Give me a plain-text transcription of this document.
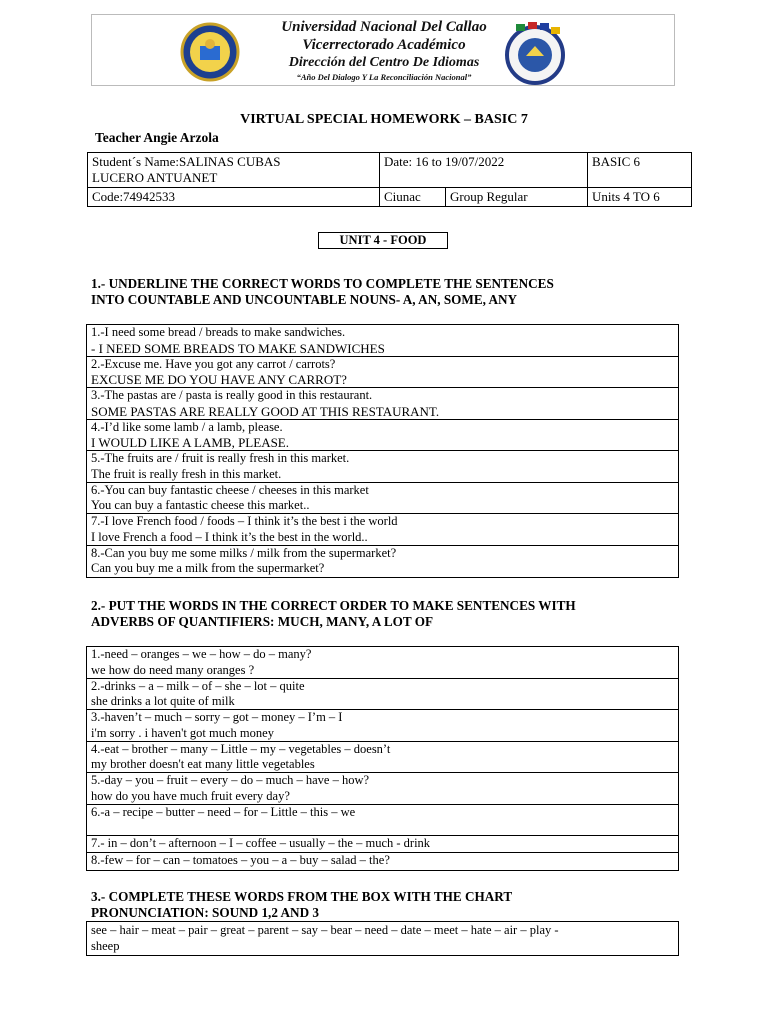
Universidad Nacional Del Callao
Vicerrectorado Académico
Dirección del Centro De Idiomas
“Año Del Dialogo Y La Reconciliación Nacional”
VIRTUAL SPECIAL HOMEWORK – BASIC 7
Teacher Angie Arzola
Student´s Name:SALINAS CUBAS
LUCERO ANTUANET	Date: 16 to 19/07/2022		BASIC 6
Code:74942533	Ciunac	Group Regular	Units 4 TO 6
UNIT 4 - FOOD
1.- UNDERLINE THE CORRECT WORDS TO COMPLETE THE SENTENCES
INTO COUNTABLE AND UNCOUNTABLE NOUNS- A, AN, SOME, ANY
1.-I need some bread / breads to make sandwiches.
- I NEED SOME BREADS TO MAKE SANDWICHES
2.-Excuse me. Have you got any carrot / carrots?
EXCUSE ME DO YOU HAVE ANY CARROT?
3.-The pastas are / pasta is really good in this restaurant.
SOME PASTAS ARE REALLY GOOD AT THIS RESTAURANT.
4.-I’d like some lamb / a lamb, please.
I WOULD LIKE A LAMB, PLEASE.
5.-The fruits are / fruit is really fresh in this market.
The fruit is really fresh in this market.
6.-You can buy fantastic cheese / cheeses in this market
You can buy a fantastic cheese this market..
7.-I love French food / foods – I think it’s the best i the world
I love French a food – I think it’s the best in the world..
8.-Can you buy me some milks / milk from the supermarket?
Can you buy me a milk from the supermarket?
2.- PUT THE WORDS IN THE CORRECT ORDER TO MAKE SENTENCES WITH
ADVERBS OF QUANTIFIERS: MUCH, MANY, A LOT OF
1.-need – oranges – we – how – do – many?
we how do need many oranges ?
2.-drinks – a – milk – of – she – lot – quite
she drinks a lot quite of milk
3.-haven’t – much – sorry – got – money – I’m – I
i'm sorry . i haven't got much money
4.-eat – brother – many – Little – my – vegetables – doesn’t
my brother doesn't eat many little vegetables
5.-day – you – fruit – every – do – much – have – how?
how do you have much fruit every day?
6.-a – recipe – butter – need – for – Little – this – we
7.- in – don’t – afternoon – I – coffee – usually – the – much - drink
8.-few – for – can – tomatoes – you – a – buy – salad – the?
3.- COMPLETE THESE WORDS FROM THE BOX WITH THE CHART
PRONUNCIATION: SOUND 1,2 AND 3
see – hair – meat – pair – great – parent – say – bear – need – date – meet – hate – air – play -
sheep
